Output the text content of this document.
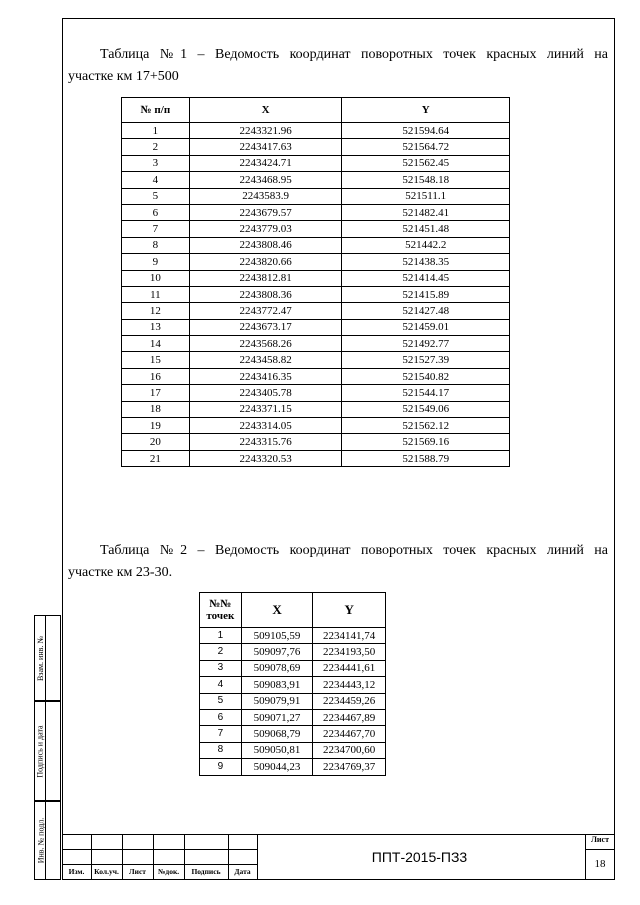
Таблица №1 – Ведомость координат поворотных точек красных линий на
участке км 17+500
№ п/п	X	Y
1	2243321.96	521594.64
2	2243417.63	521564.72
3	2243424.71	521562.45
4	2243468.95	521548.18
5	2243583.9	521511.1
6	2243679.57	521482.41
7	2243779.03	521451.48
8	2243808.46	521442.2
9	2243820.66	521438.35
10	2243812.81	521414.45
11	2243808.36	521415.89
12	2243772.47	521427.48
13	2243673.17	521459.01
14	2243568.26	521492.77
15	2243458.82	521527.39
16	2243416.35	521540.82
17	2243405.78	521544.17
18	2243371.15	521549.06
19	2243314.05	521562.12
20	2243315.76	521569.16
21	2243320.53	521588.79
Таблица №2 – Ведомость координат поворотных точек красных линий на
участке км 23-30.
№№
точек	X	Y
1	509105,59	2234141,74
2	509097,76	2234193,50
3	509078,69	2234441,61
4	509083,91	2234443,12
5	509079,91	2234459,26
6	509071,27	2234467,89
7	509068,79	2234467,70
8	509050,81	2234700,60
9	509044,23	2234769,37
Взам. инв. №
Подпись и дата
Инв. № подл.
Изм.	Кол.уч.	Лист	№док.	Подпись	Дата
ППТ-2015-ПЗ3
Лист
18
